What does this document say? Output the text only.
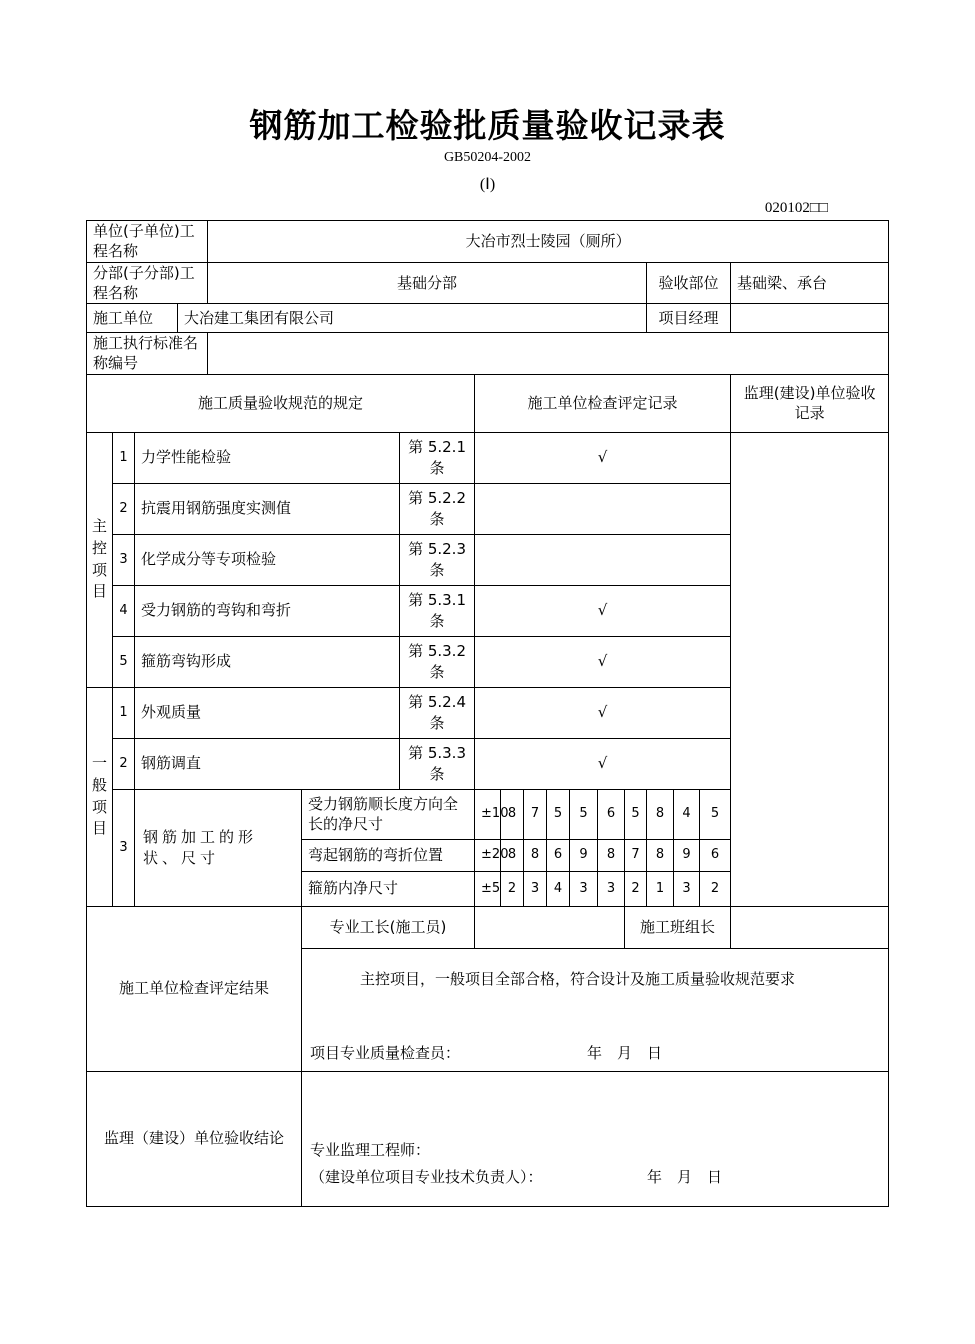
钢筋加工检验批质量验收记录表
GB50204-2002
(Ⅰ)
020102□□
单位(子单位)工程名称				大冶市烈士陵园（厕所）														
分部(子分部)工程名称				基础分部										验收部位			基础梁、承台	
施工单位			大冶建工集团有限公司											项目经理				
施工执行标准名称编号																		
施工质量验收规范的规定							施工单位检查评定记录										监理(建设)单位验收记录	

主
控
项
目	1	力学性能检验				第 5.2.1
条	√											
	2	抗震用钢筋强度实测值				第 5.2.2
条												

	3	化学成分等专项检验				第 5.2.3
条												

	4	受力钢筋的弯钩和弯折				第 5.3.1
条	√											
	5	箍筋弯钩形成				第 5.3.2
条	√											

一
般
项
目	1	外观质量				第 5.2.4
条	√											
	2	钢筋调直				第 5.3.3
条	√											
	3	钢筋加工的形状、尺寸			受力钢筋顺长度方向全长的净尺寸		±10	8	7	5	5	6	5	8	4	5	
					弯起钢筋的弯折位置		±20	8	8	6	9	8	7	8	9	6	
					箍筋内净尺寸		±5	2	3	4	3	3	2	1	3	2	
施工单位检查评定结果					专业工长(施工员)								施工班组长					

					主控项目，一般项目全部合格，符合设计及施工质量验收规范要求
项目专业质量检查员： 年　月　日													

监理（建设）单位验收结论					专业监理工程师：
（建设单位项目专业技术负责人）： 年　月　日													
